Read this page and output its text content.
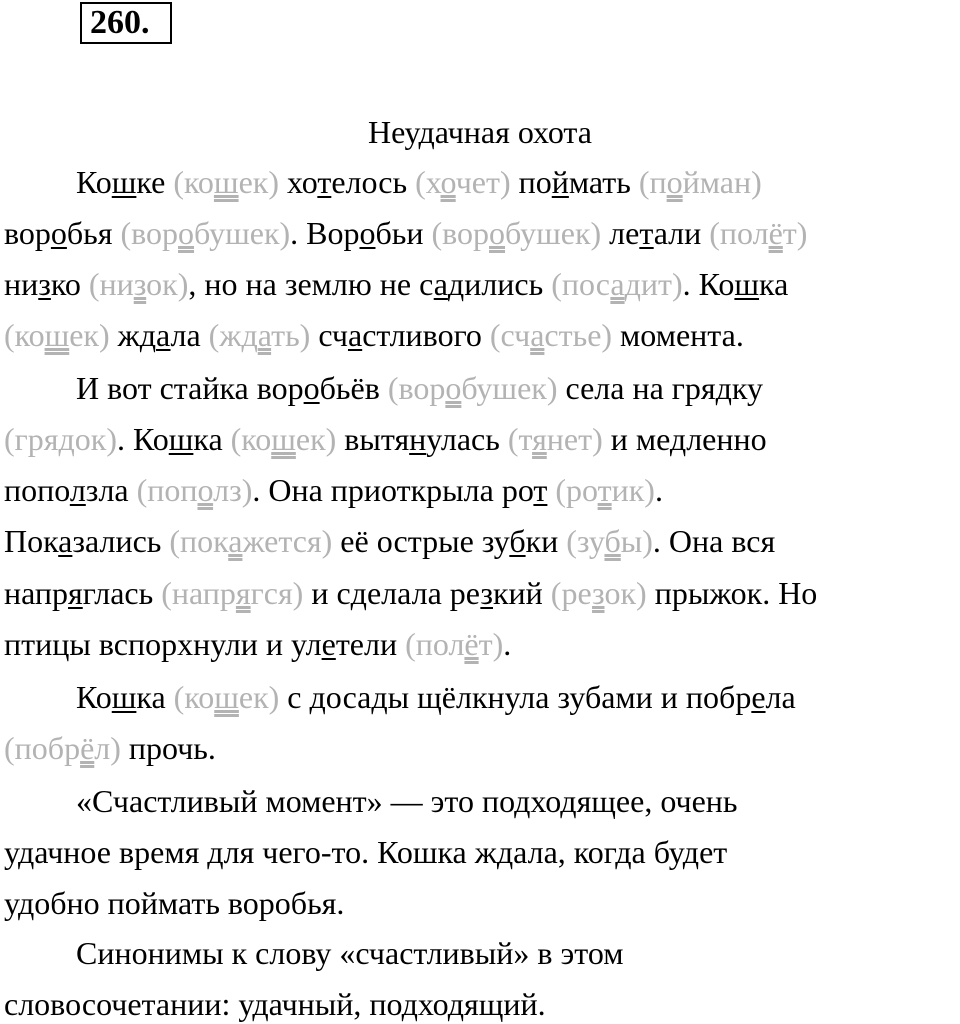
260.
Неудачная охота
Кошке (кошек) хотелось (хочет) поймать (пойман)
воробья (воробушек). Воробьи (воробушек) летали (полёт)
низко (низок), но на землю не садились (посадит). Кошка
(кошек) ждала (ждать) счастливого (счастье) момента.
И вот стайка воробьёв (воробушек) села на грядку
(грядок). Кошка (кошек) вытянулась (тянет) и медленно
поползла (пополз). Она приоткрыла рот (ротик).
Показались (покажется) её острые зубки (зубы). Она вся
напряглась (напрягся) и сделала резкий (резок) прыжок. Но
птицы вспорхнули и улетели (полёт).
Кошка (кошек) с досады щёлкнула зубами и побрела
(побрёл) прочь.
«Счастливый момент» — это подходящее, очень
удачное время для чего-то. Кошка ждала, когда будет
удобно поймать воробья.
Синонимы к слову «счастливый» в этом
словосочетании: удачный, подходящий.
